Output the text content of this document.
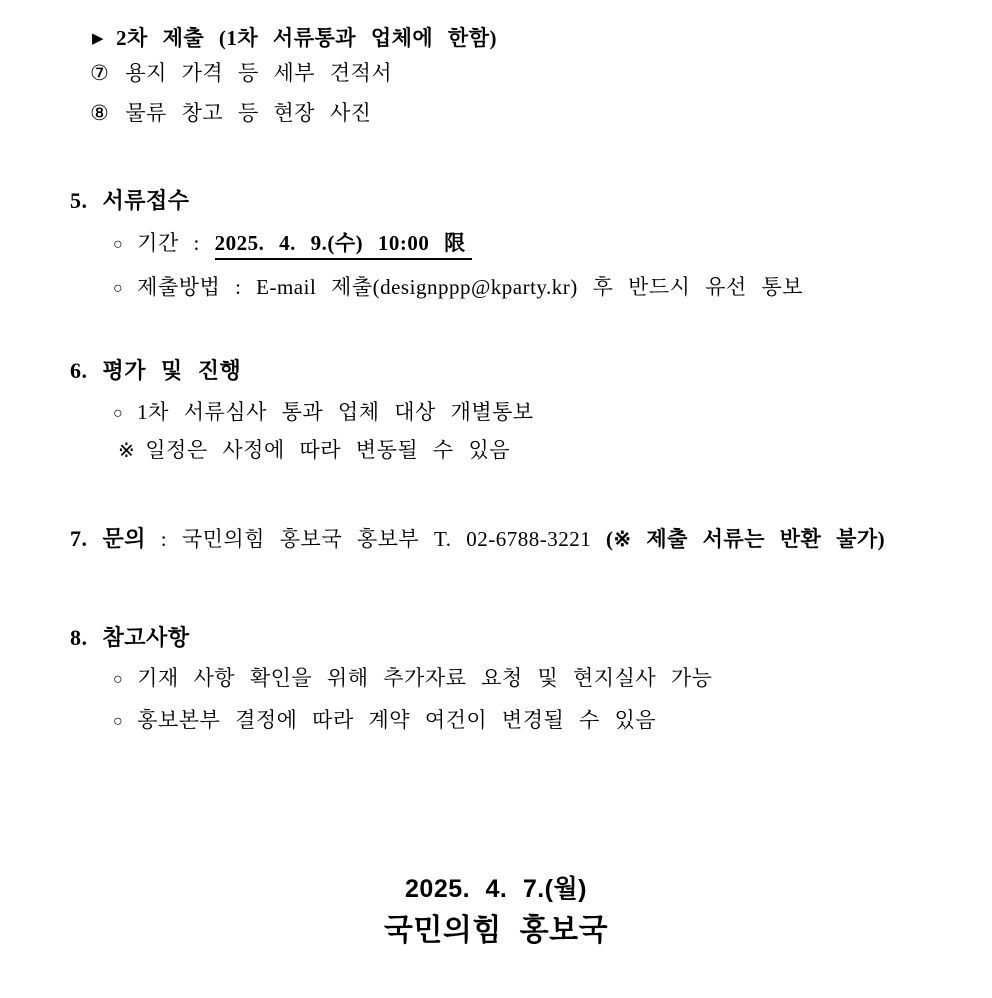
▶ 2차 제출 (1차 서류통과 업체에 한함)
⑦ 용지 가격 등 세부 견적서
⑧ 물류 창고 등 현장 사진
5. 서류접수
○ 기간 : 2025. 4. 9.(수) 10:00 限
○ 제출방법 : E-mail 제출(designppp@kparty.kr) 후 반드시 유선 통보
6. 평가 및 진행
○ 1차 서류심사 통과 업체 대상 개별통보
※ 일정은 사정에 따라 변동될 수 있음
7. 문의 : 국민의힘 홍보국 홍보부 T. 02-6788-3221 (※ 제출 서류는 반환 불가)
8. 참고사항
○ 기재 사항 확인을 위해 추가자료 요청 및 현지실사 가능
○ 홍보본부 결정에 따라 계약 여건이 변경될 수 있음
2025. 4. 7.(월)
국민의힘 홍보국
